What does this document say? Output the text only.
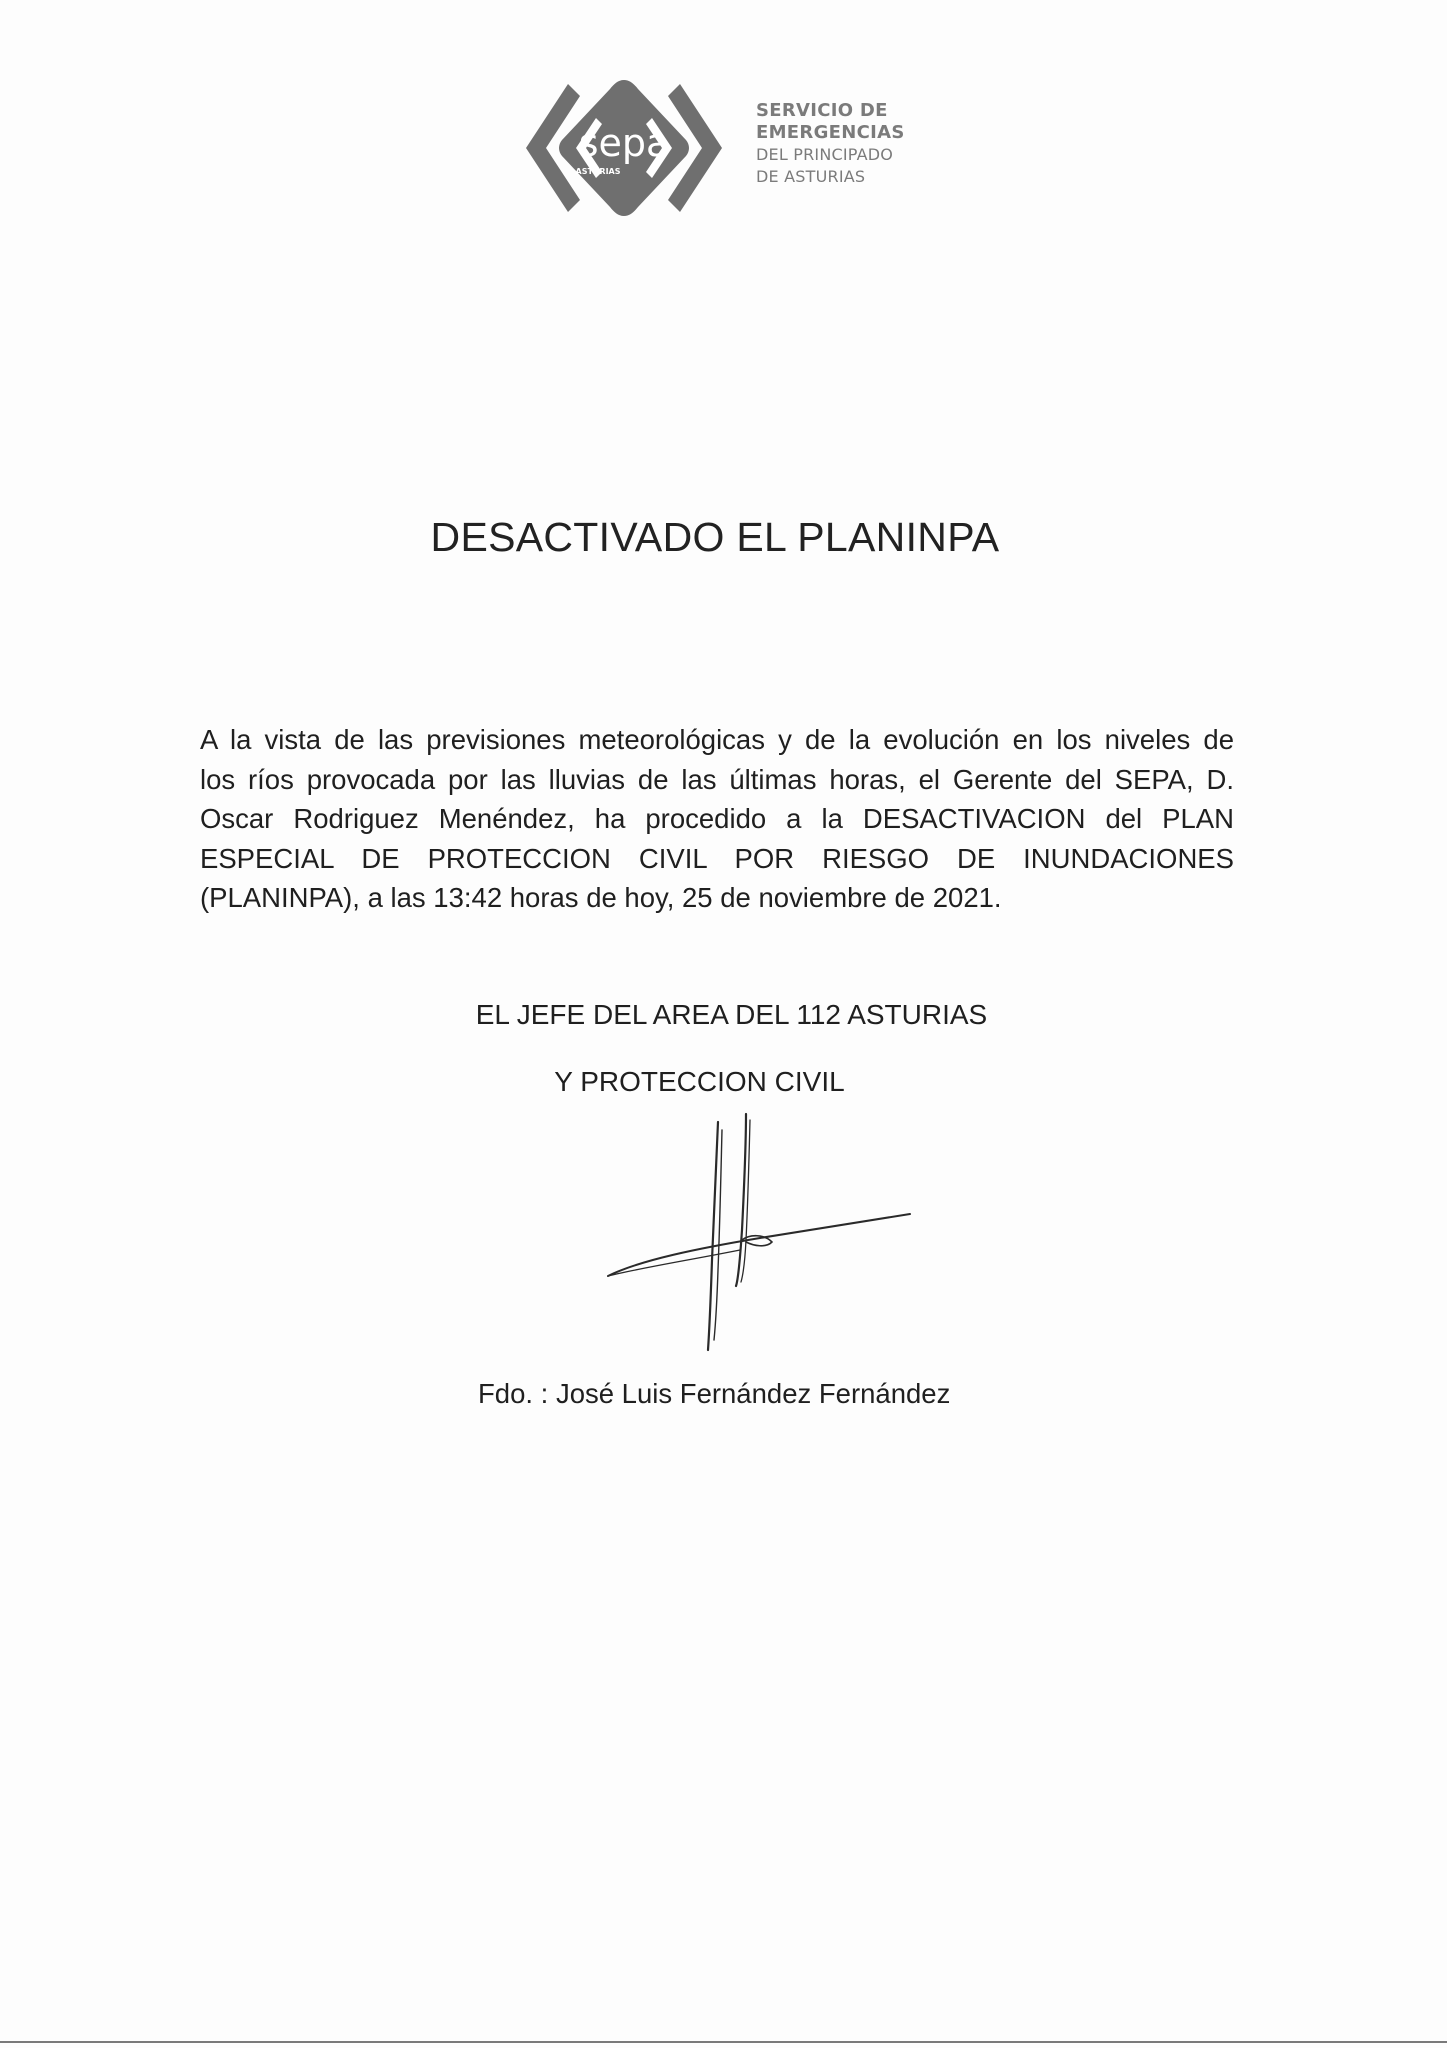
sepa
ASTURIAS
SERVICIO DE
EMERGENCIAS
DEL PRINCIPADO
DE ASTURIAS
DESACTIVADO EL PLANINPA
A la vista de las previsiones meteorológicas y de la evolución en los niveles de
los ríos provocada por las lluvias de las últimas horas, el Gerente del SEPA, D.
Oscar Rodriguez Menéndez, ha procedido a la DESACTIVACION del PLAN
ESPECIAL DE PROTECCION CIVIL POR RIESGO DE INUNDACIONES
(PLANINPA), a las 13:42 horas de hoy, 25 de noviembre de 2021.
EL JEFE DEL AREA DEL 112 ASTURIAS
Y PROTECCION CIVIL
Fdo. : José Luis Fernández Fernández
